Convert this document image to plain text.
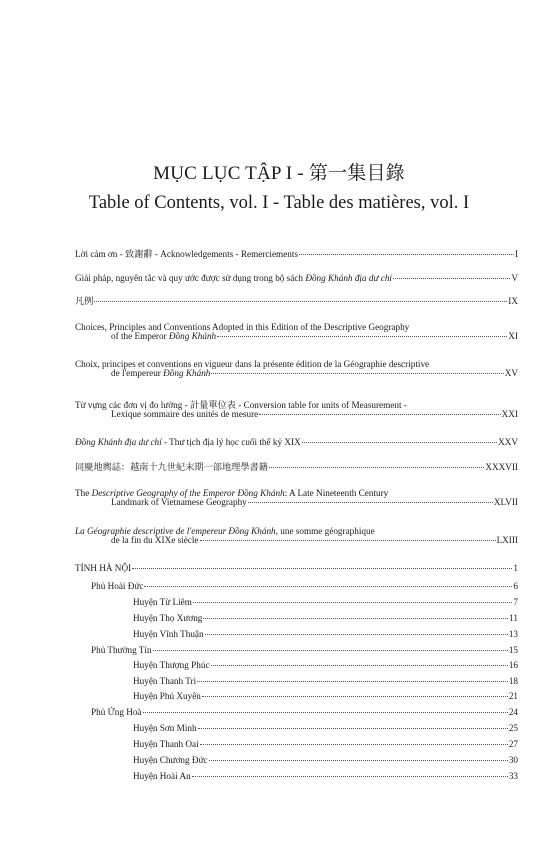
MỤC LỤC TẬP I - 第一集目錄
Table of Contents, vol. I - Table des matières, vol. I
Lời cảm ơn - 致謝辭 - Acknowledgements - Remerciements	I
Giải pháp, nguyên tắc và quy ước được sử dụng trong bộ sách Đồng Khánh địa dư chí	V
凡例	IX
Choices, Principles and Conventions Adopted in this Edition of the Descriptive Geography
of the Emperor Đồng Khánh	XI
Choix, principes et conventions en vigueur dans la présente édition de la Géographie descriptive
de l'empereur Đồng Khánh	XV
Từ vựng các đơn vị đo lường - 計量單位表 - Conversion table for units of Measurement -
Lexique sommaire des unités de mesure	XXI
Đồng Khánh địa dư chí - Thư tịch địa lý học cuối thế kỷ XIX	XXV
同慶地輿誌：越南十九世紀末期一部地理學書籍	XXXVII
The Descriptive Geography of the Emperor Đồng Khánh: A Late Nineteenth Century
Landmark of Vietnamese Geography	XLVII
La Géographie descriptive de l'empereur Đồng Khánh, une somme géographique
de la fin du XIXe siècle	LXIII
TỈNH HÀ NỘI	1
Phủ Hoài Đức	6
Huyện Từ Liêm	7
Huyện Thọ Xương	11
Huyện Vĩnh Thuận	13
Phủ Thường Tín	15
Huyện Thượng Phúc	16
Huyện Thanh Trì	18
Huyện Phú Xuyên	21
Phủ Ứng Hoà	24
Huyện Sơn Minh	25
Huyện Thanh Oai	27
Huyện Chương Đức	30
Huyện Hoài An	33
